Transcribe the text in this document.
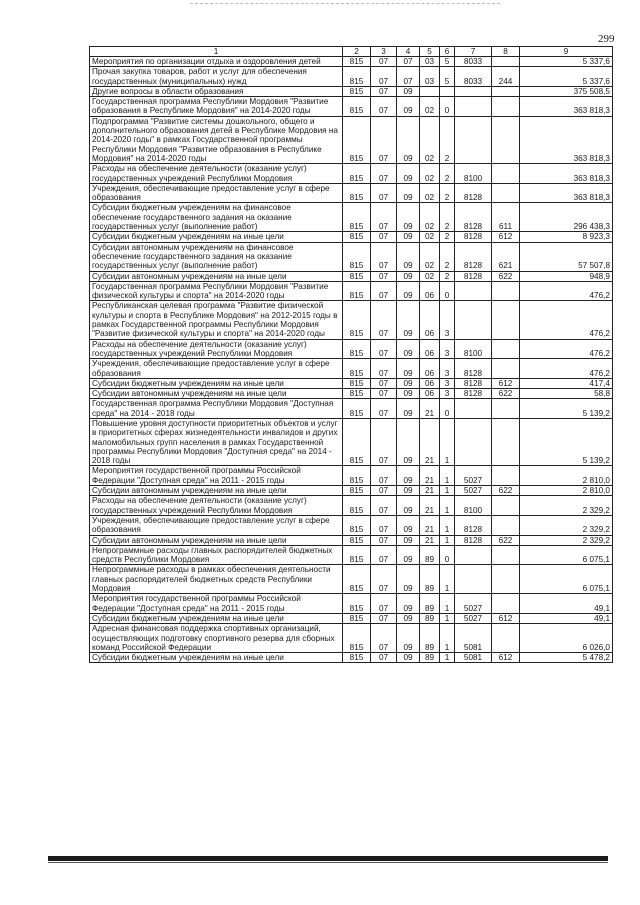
299
1	2	3	4	5	6	7	8	9
Мероприятия по организации отдыха и оздоровления детей	815	07	07	03	5	8033		5 337,6
Прочая закупка товаров, работ и услуг для обеспечения государственных (муниципальных) нужд	815	07	07	03	5	8033	244	5 337,6
Другие вопросы в области образования	815	07	09					375 508,5
Государственная программа Республики Мордовия "Развитие образования в Республике Мордовия" на 2014-2020 годы	815	07	09	02	0			363 818,3
Подпрограмма "Развитие системы дошкольного, общего и дополнительного образования детей в Республике Мордовия на 2014-2020 годы" в рамках Государственной программы Республики Мордовия "Развитие образования в Республике Мордовия" на 2014-2020 годы	815	07	09	02	2			363 818,3
Расходы на обеспечение деятельности (оказание услуг) государственных учреждений Республики Мордовия	815	07	09	02	2	8100		363 818,3
Учреждения, обеспечивающие предоставление услуг в сфере образования	815	07	09	02	2	8128		363 818,3
Субсидии бюджетным учреждениям на финансовое обеспечение государственного задания на оказание государственных услуг (выполнение работ)	815	07	09	02	2	8128	611	296 438,3
Субсидии бюджетным учреждениям на иные цели	815	07	09	02	2	8128	612	8 923,3
Субсидии автономным учреждениям на финансовое обеспечение государственного задания на оказание государственных услуг (выполнение работ)	815	07	09	02	2	8128	621	57 507,8
Субсидии автономным учреждениям на иные цели	815	07	09	02	2	8128	622	948,9
Государственная программа Республики Мордовия "Развитие физической культуры и спорта" на 2014-2020 годы	815	07	09	06	0			476,2
Республиканская целевая программа "Развитие физической культуры и спорта в Республике Мордовия" на 2012-2015 годы в рамках Государственной программы Республики Мордовия "Развитие физической культуры и спорта" на 2014-2020 годы	815	07	09	06	3			476,2
Расходы на обеспечение деятельности (оказание услуг) государственных учреждений Республики Мордовия	815	07	09	06	3	8100		476,2
Учреждения, обеспечивающие предоставление услуг в сфере образования	815	07	09	06	3	8128		476,2
Субсидии бюджетным учреждениям на иные цели	815	07	09	06	3	8128	612	417,4
Субсидии автономным учреждениям на иные цели	815	07	09	06	3	8128	622	58,8
Государственная программа Республики Мордовия "Доступная среда" на 2014 - 2018 годы	815	07	09	21	0			5 139,2
Повышение уровня доступности приоритетных объектов и услуг в приоритетных сферах жизнедеятельности инвалидов и других маломобильных групп населения в рамках Государственной программы Республики Мордовия "Доступная среда" на 2014 - 2018 годы	815	07	09	21	1			5 139,2
Мероприятия государственной программы Российской Федерации "Доступная среда" на 2011 - 2015 годы	815	07	09	21	1	5027		2 810,0
Субсидии автономным учреждениям на иные цели	815	07	09	21	1	5027	622	2 810,0
Расходы на обеспечение деятельности (оказание услуг) государственных учреждений Республики Мордовия	815	07	09	21	1	8100		2 329,2
Учреждения, обеспечивающие предоставление услуг в сфере образования	815	07	09	21	1	8128		2 329,2
Субсидии автономным учреждениям на иные цели	815	07	09	21	1	8128	622	2 329,2
Непрограммные расходы главных распорядителей бюджетных средств Республики Мордовия	815	07	09	89	0			6 075,1
Непрограммные расходы в рамках обеспечения деятельности главных распорядителей бюджетных средств Республики Мордовия	815	07	09	89	1			6 075,1
Мероприятия государственной программы Российской Федерации "Доступная среда" на 2011 - 2015 годы	815	07	09	89	1	5027		49,1
Субсидии бюджетным учреждениям на иные цели	815	07	09	89	1	5027	612	49,1
Адресная финансовая поддержка спортивных организаций, осуществляющих подготовку спортивного резерва для сборных команд Российской Федерации	815	07	09	89	1	5081		6 026,0
Субсидии бюджетным учреждениям на иные цели	815	07	09	89	1	5081	612	5 478,2
